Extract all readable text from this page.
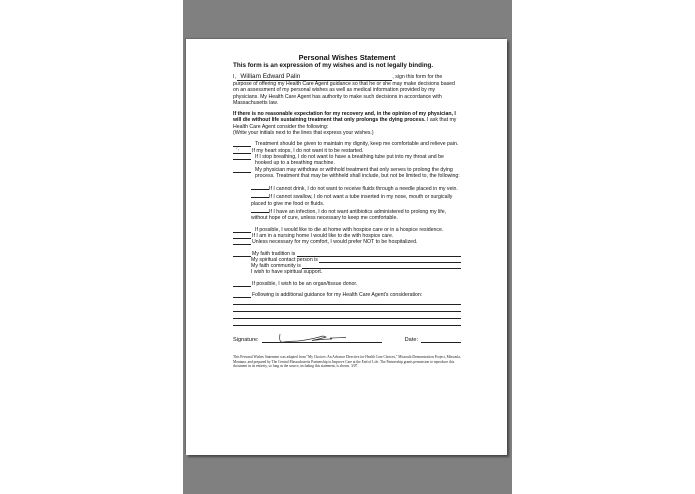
Personal Wishes Statement
This form is an expression of my wishes and is not legally binding.

I, William Edward Palin	, sign this form for the purpose of offering my Health Care Agent guidance so that he or she may make decisions based on an assessment of my personal wishes as well as medical information provided by my physicians. My Health Care Agent has authority to make such decisions in accordance with Massachusetts law.

If there is no reasonable expectation for my recovery and, in the opinion of my physician, I will die without life sustaining treatment that only prolongs the dying process. I ask that my Health Care Agent consider the following:
(Write your initials next to the lines that express your wishes.)

Treatment should be given to maintain my dignity, keep me comfortable and relieve pain.
∕¸
If my heart stops, I do not want it to be restarted.
If I stop breathing, I do not want to have a breathing tube put into my throat and be hooked up to a breathing machine.
My physician may withdraw or withhold treatment that only serves to prolong the dying process. Treatment that may be withheld shall include, but not be limited to, the following:

If I cannot drink, I do not want to receive fluids through a needle placed in my vein.

If I cannot swallow, I do not want a tube inserted in my nose, mouth or surgically placed to give me food or fluids.

If I have an infection, I do not want antibiotics administered to prolong my life, without hope of cure, unless necessary to keep me comfortable.

If possible, I would like to die at home with hospice care or in a hospice residence.
If I am in a nursing home I would like to die with hospice care.
Unless necessary for my comfort, I would prefer NOT to be hospitalized.
My faith tradition is

My spiritual contact person is

My faith community is

I wish to have spiritual support.
If possible, I wish to be an organ/tissue donor.
Following is additional guidance for my Health Care Agent's consideration:
Signature:	Date:

This Personal Wishes Statement was adapted from "My Choices: An Advance Directive for Health Care Choices," Missoula Demonstration Project, Missoula, Montana, and prepared by The Central Massachusetts Partnership to Improve Care at the End of Life. The Partnership grants permission to reproduce this document in its entirety, so long as the source, including this statement, is shown. 3/07
